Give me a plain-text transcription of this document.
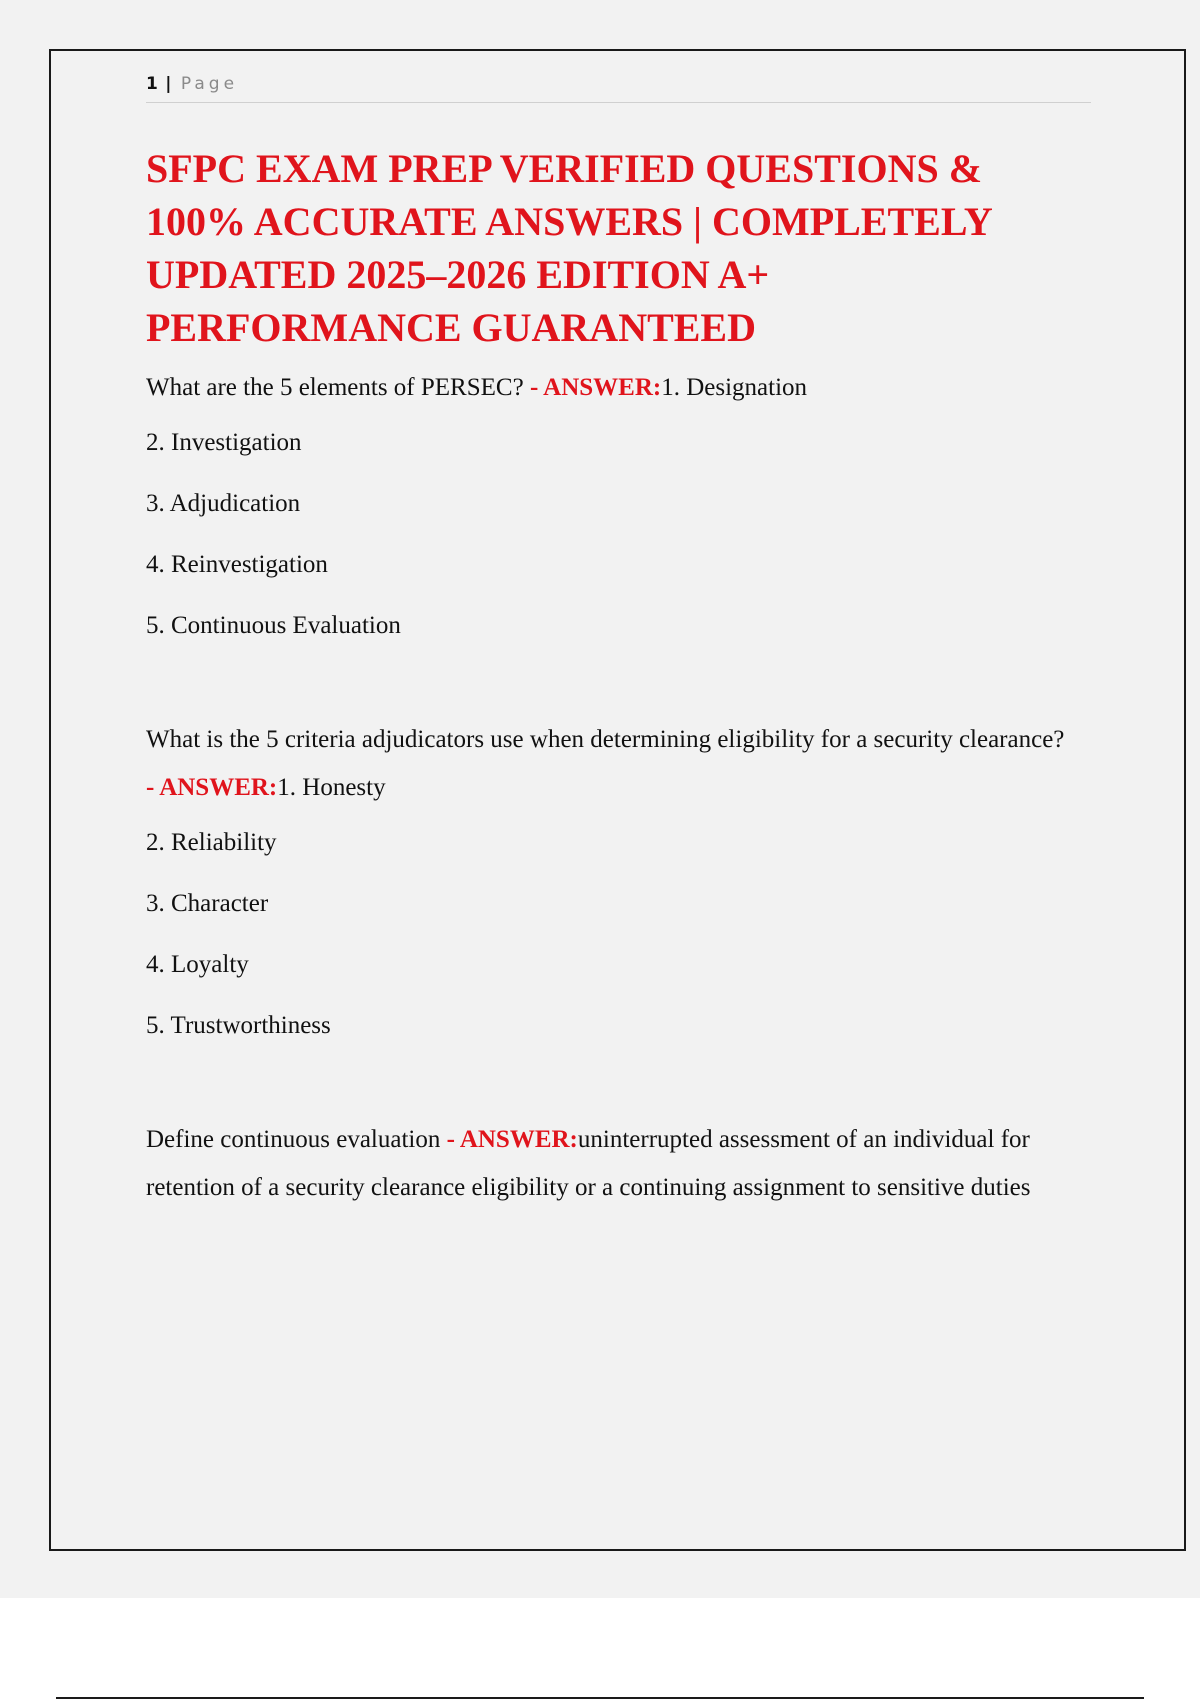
1 | Page
SFPC EXAM PREP VERIFIED QUESTIONS & 100% ACCURATE ANSWERS | COMPLETELY UPDATED 2025–2026 EDITION A+ PERFORMANCE GUARANTEED

What are the 5 elements of PERSEC? - ANSWER:1. Designation

2. Investigation

3. Adjudication

4. Reinvestigation

5. Continuous Evaluation

What is the 5 criteria adjudicators use when determining eligibility for a security clearance? - ANSWER:1. Honesty

2. Reliability

3. Character

4. Loyalty

5. Trustworthiness

Define continuous evaluation - ANSWER:uninterrupted assessment of an individual for retention of a security clearance eligibility or a continuing assignment to sensitive duties
